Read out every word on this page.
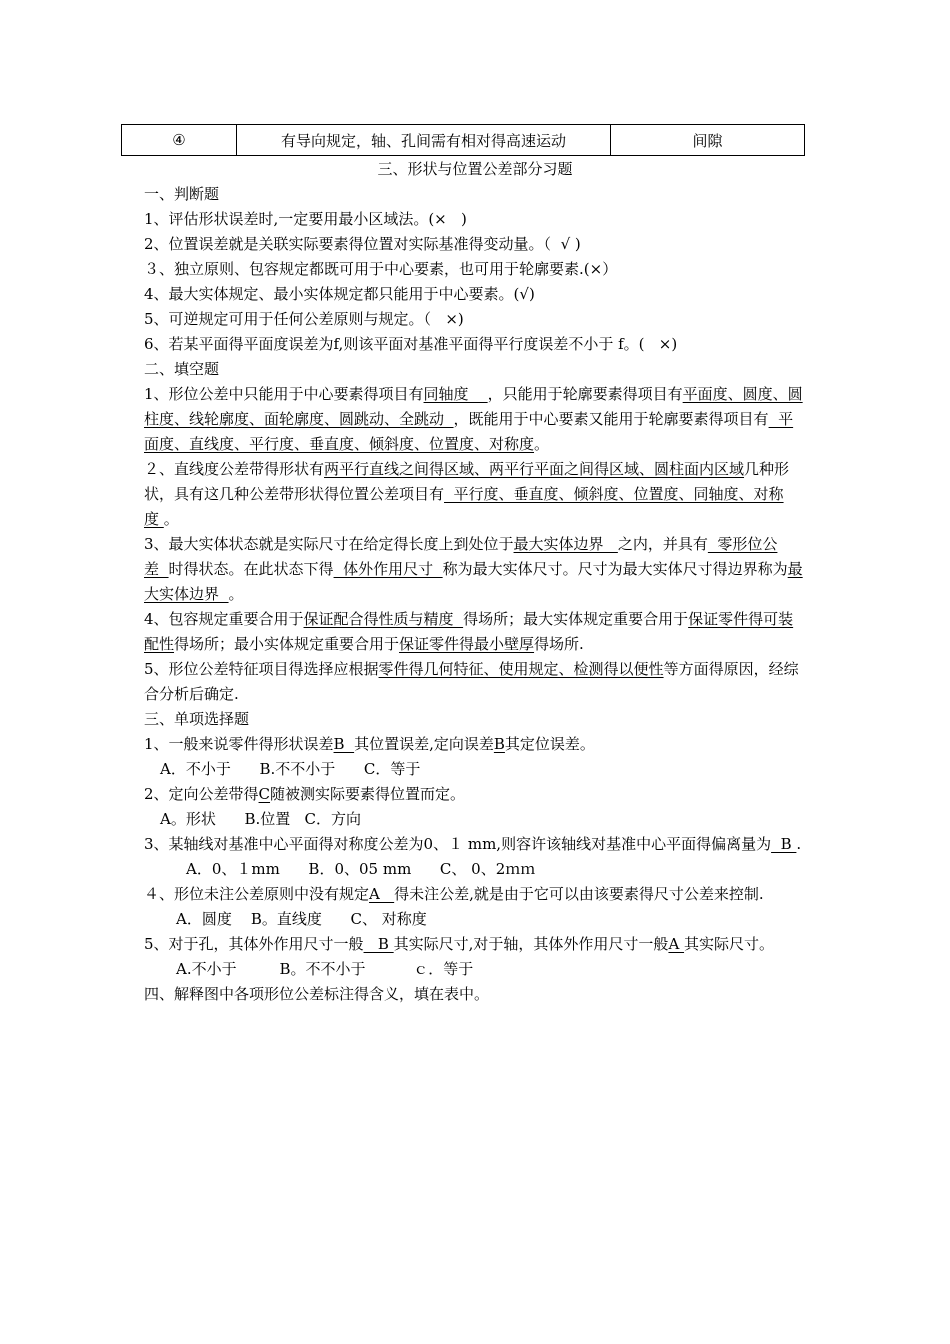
④	有导向规定，轴、孔间需有相对得高速运动	间隙
三、形状与位置公差部分习题
一、判断题
1、评估形状误差时,一定要用最小区域法。(×   )
2、位置误差就是关联实际要素得位置对实际基准得变动量。（  √ )
３、独立原则、包容规定都既可用于中心要素，也可用于轮廓要素.(×）
4、最大实体规定、最小实体规定都只能用于中心要素。(√)
5、可逆规定可用于任何公差原则与规定。（   ×)
6、若某平面得平面度误差为f,则该平面对基准平面得平行度误差不小于 f。(   ×)
二、填空题
1、形位公差中只能用于中心要素得项目有同轴度    ，只能用于轮廓要素得项目有平面度、圆度、圆柱度、线轮廓度、面轮廓度、圆跳动、全跳动  ，既能用于中心要素又能用于轮廓要素得项目有  平面度、直线度、平行度、垂直度、倾斜度、位置度、对称度。
２、直线度公差带得形状有两平行直线之间得区域、两平行平面之间得区域、圆柱面内区域几种形状，具有这几种公差带形状得位置公差项目有  平行度、垂直度、倾斜度、位置度、同轴度、对称度 。
3、最大实体状态就是实际尺寸在给定得长度上到处位于最大实体边界   之内，并具有  零形位公差  时得状态。在此状态下得  体外作用尺寸  称为最大实体尺寸。尺寸为最大实体尺寸得边界称为最大实体边界  。
4、包容规定重要合用于保证配合得性质与精度  得场所；最大实体规定重要合用于保证零件得可装配性得场所；最小实体规定重要合用于保证零件得最小壁厚得场所.
5、形位公差特征项目得选择应根据零件得几何特征、使用规定、检测得以便性等方面得原因，经综合分析后确定.
三、单项选择题
1、一般来说零件得形状误差B  其位置误差,定向误差B其定位误差。
A．不小于      B.不不小于      C．等于
2、定向公差带得C随被测实际要素得位置而定。
A。形状      B.位置   C．方向
3、某轴线对基准中心平面得对称度公差为0、１ mm,则容许该轴线对基准中心平面得偏离量为  B .
A．0、１mm      B．0、05 mm      C、 0、2ｍｍ
４、形位未注公差原则中没有规定A   得未注公差,就是由于它可以由该要素得尺寸公差来控制.
A．圆度    B。直线度      C、 对称度
5、对于孔，其体外作用尺寸一般   B 其实际尺寸,对于轴，其体外作用尺寸一般A 其实际尺寸。
A.不小于         B。不不小于          ｃ．等于
四、解释图中各项形位公差标注得含义，填在表中。
